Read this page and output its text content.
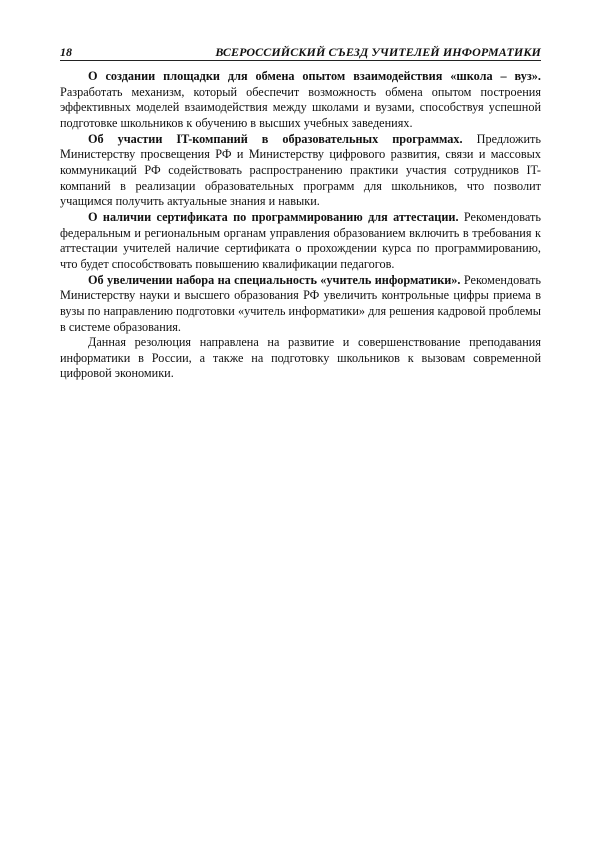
18	ВСЕРОССИЙСКИЙ СЪЕЗД УЧИТЕЛЕЙ ИНФОРМАТИКИ

О создании площадки для обмена опытом взаимодействия «школа – вуз». Разработать механизм, который обеспечит возможность обмена опытом построения эффективных моделей взаимодействия между школами и вузами, способствуя успешной подготовке школьников к обучению в высших учебных заведениях.

Об участии IT-компаний в образовательных программах. Предложить Министерству просвещения РФ и Министерству цифрового развития, связи и массовых коммуникаций РФ содействовать распространению практики участия сотрудников IT-компаний в реализации образовательных программ для школьников, что позволит учащимся получить актуальные знания и навыки.

О наличии сертификата по программированию для аттестации. Рекомендовать федеральным и региональным органам управления образованием включить в требования к аттестации учителей наличие сертификата о прохождении курса по программированию, что будет способствовать повышению квалификации педагогов.

Об увеличении набора на специальность «учитель информатики». Рекомендовать Министерству науки и высшего образования РФ увеличить контрольные цифры приема в вузы по направлению подготовки «учитель информатики» для решения кадровой проблемы в системе образования.

Данная резолюция направлена на развитие и совершенствование преподавания информатики в России, а также на подготовку школьников к вызовам современной цифровой экономики.
